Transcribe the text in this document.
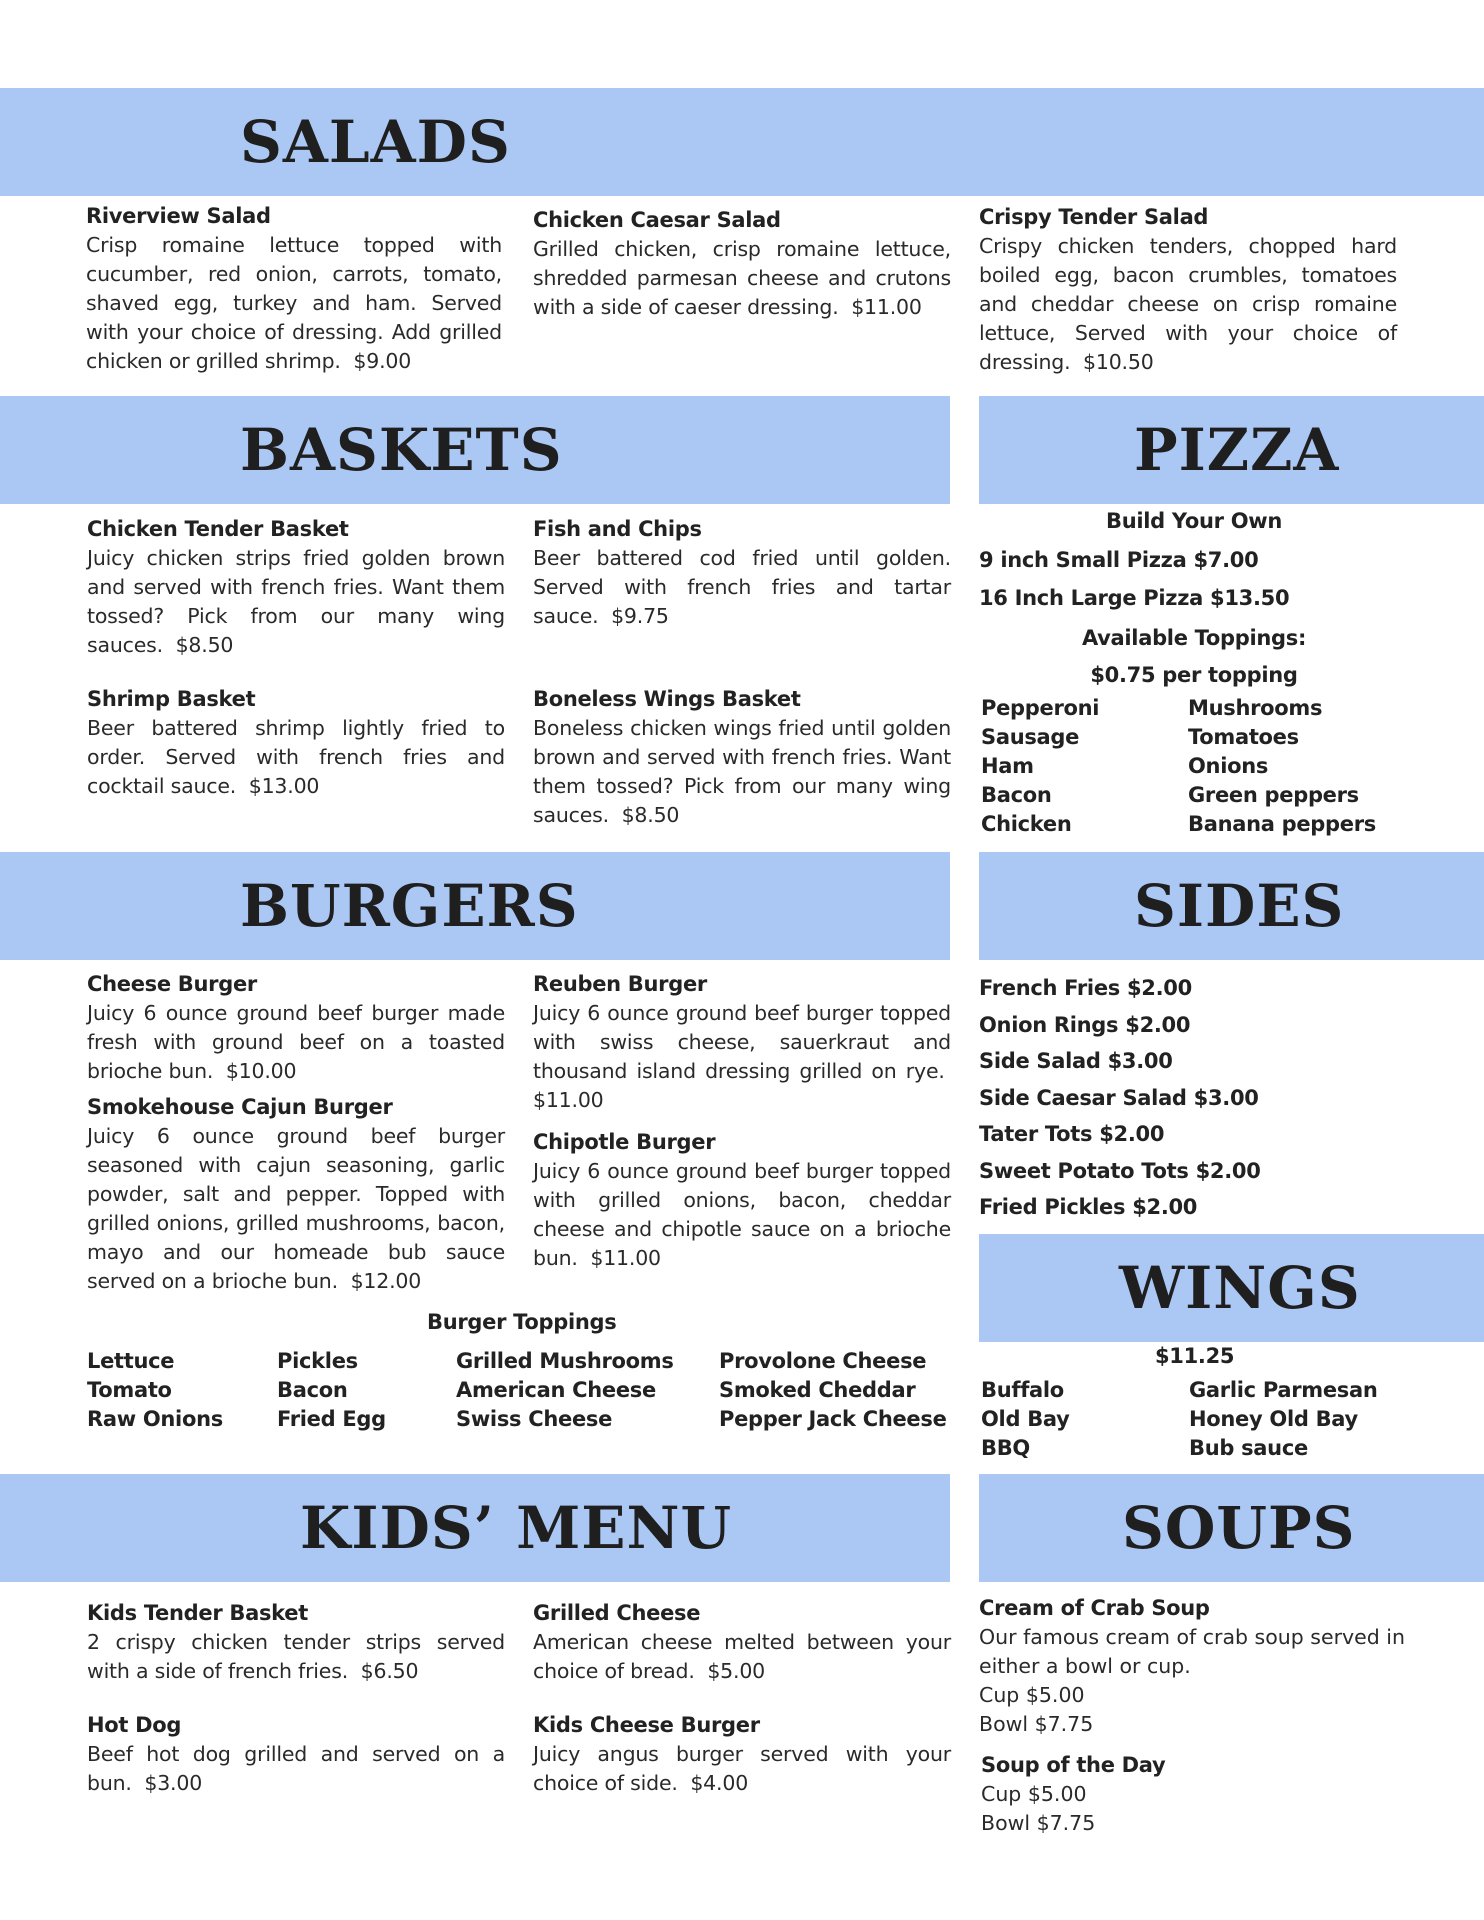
SALADS
Riverview Salad
Crisp romaine lettuce topped with cucumber, red onion, carrots, tomato, shaved egg, turkey and ham. Served with your choice of dressing. Add grilled chicken or grilled shrimp. $9.00
Chicken Caesar Salad
Grilled chicken, crisp romaine lettuce, shredded parmesan cheese and crutons with a side of caeser dressing. $11.00
Crispy Tender Salad
Crispy chicken tenders, chopped hard boiled egg, bacon crumbles, tomatoes and cheddar cheese on crisp romaine lettuce, Served with your choice of dressing. $10.50
BASKETS
Chicken Tender Basket
Juicy chicken strips fried golden brown and served with french fries. Want them tossed? Pick from our many wing sauces. $8.50
Fish and Chips
Beer battered cod fried until golden. Served with french fries and tartar sauce. $9.75
Shrimp Basket
Beer battered shrimp lightly fried to order. Served with french fries and cocktail sauce. $13.00
Boneless Wings Basket
Boneless chicken wings fried until golden brown and served with french fries. Want them tossed? Pick from our many wing sauces. $8.50
PIZZA
Build Your Own
9 inch Small Pizza $7.00
16 Inch Large Pizza $13.50
Available Toppings:
$0.75 per topping
Pepperoni
Sausage
Ham
Bacon
Chicken
Mushrooms
Tomatoes
Onions
Green peppers
Banana peppers
BURGERS
Cheese Burger
Juicy 6 ounce ground beef burger made fresh with ground beef on a toasted brioche bun. $10.00
Reuben Burger
Juicy 6 ounce ground beef burger topped with swiss cheese, sauerkraut and thousand island dressing grilled on rye.  $11.00
Smokehouse Cajun Burger
Juicy 6 ounce ground beef burger seasoned with cajun seasoning, garlic powder, salt and pepper. Topped with grilled onions, grilled mushrooms, bacon, mayo and our homeade bub sauce served on a brioche bun. $12.00
Chipotle Burger
Juicy 6 ounce ground beef burger topped with grilled onions, bacon, cheddar cheese and chipotle sauce on a brioche bun. $11.00
Burger Toppings
Lettuce
Tomato
Raw Onions
Pickles
Bacon
Fried Egg
Grilled Mushrooms
American Cheese
Swiss Cheese
Provolone Cheese
Smoked Cheddar
Pepper Jack Cheese
SIDES
French Fries $2.00
Onion Rings $2.00
Side Salad $3.00
Side Caesar Salad $3.00
Tater Tots $2.00
Sweet Potato Tots $2.00
Fried Pickles $2.00
WINGS
$11.25
Buffalo
Old Bay
BBQ
Garlic Parmesan
Honey Old Bay
Bub sauce
KIDS’ MENU
Kids Tender Basket
2 crispy chicken tender strips served with a side of french fries. $6.50
Grilled Cheese
American cheese melted between your choice of bread. $5.00
Hot Dog
Beef hot dog grilled and served on a bun. $3.00
Kids Cheese Burger
Juicy angus burger served with your choice of side. $4.00
SOUPS
Cream of Crab Soup
Our famous cream of crab soup served in either a bowl or cup.
Cup $5.00
Bowl $7.75
Soup of the Day
Cup $5.00
Bowl $7.75
